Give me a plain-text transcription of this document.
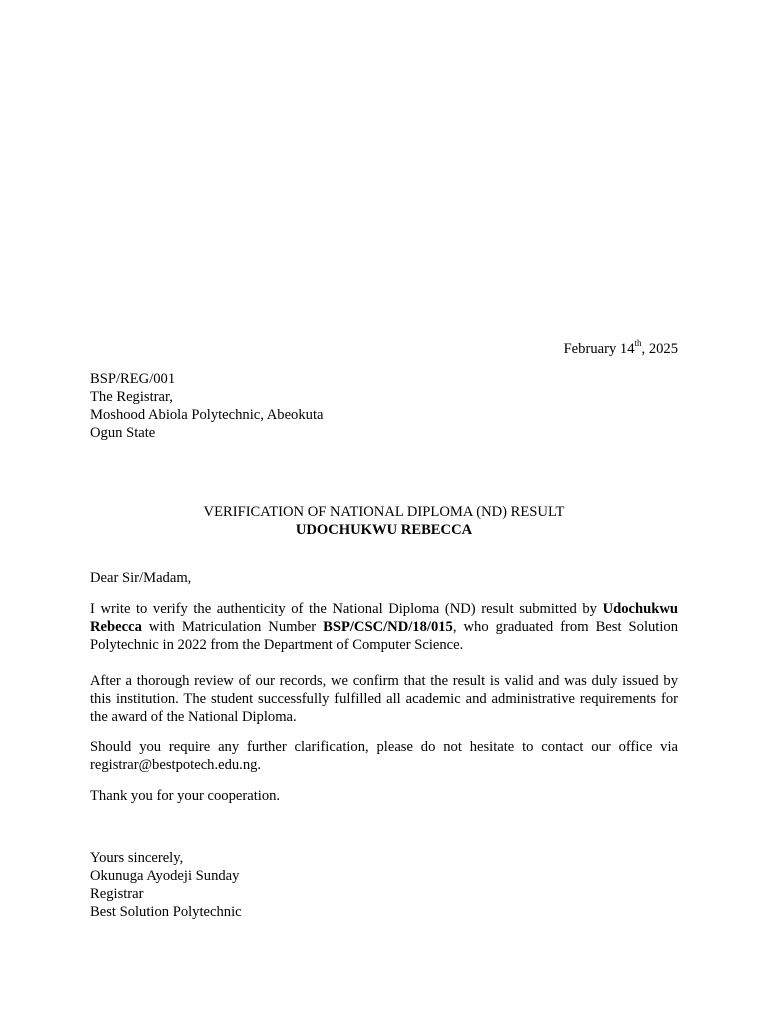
February 14th, 2025
BSP/REG/001
The Registrar,
Moshood Abiola Polytechnic, Abeokuta
Ogun State
VERIFICATION OF NATIONAL DIPLOMA (ND) RESULT
UDOCHUKWU REBECCA
Dear Sir/Madam,
I write to verify the authenticity of the National Diploma (ND) result submitted by Udochukwu Rebecca with Matriculation Number BSP/CSC/ND/18/015, who graduated from Best Solution Polytechnic in 2022 from the Department of Computer Science.
After a thorough review of our records, we confirm that the result is valid and was duly issued by this institution. The student successfully fulfilled all academic and administrative requirements for the award of the National Diploma.
Should you require any further clarification, please do not hesitate to contact our office via registrar@bestpotech.edu.ng.
Thank you for your cooperation.
Yours sincerely,
Okunuga Ayodeji Sunday
Registrar
Best Solution Polytechnic
